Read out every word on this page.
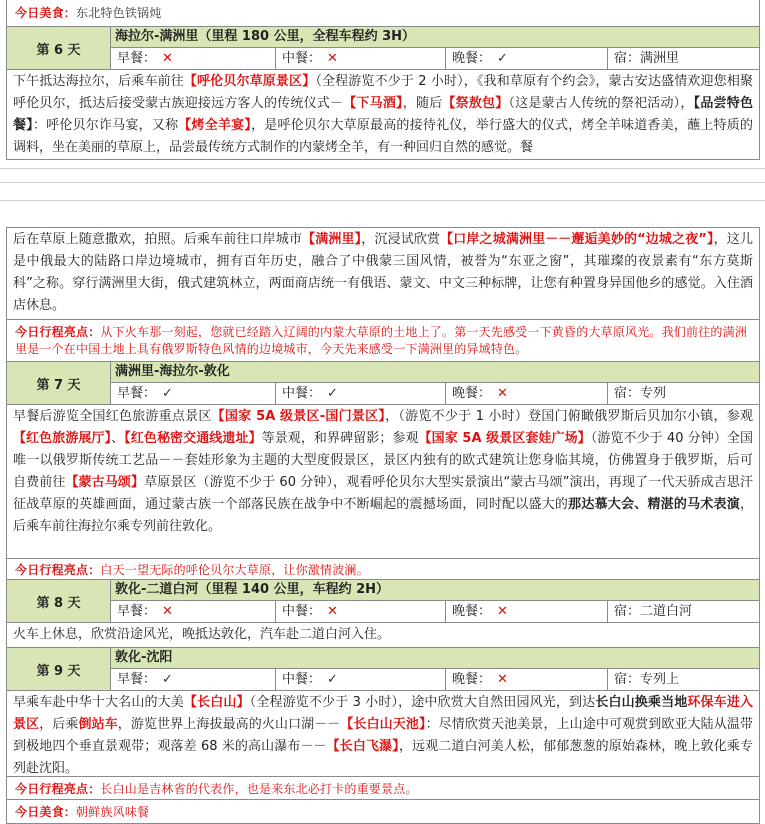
今日美食：东北特色铁锅炖
第 6 天
海拉尔-满洲里（里程 180 公里，全程车程约 3H）
早餐： ✕	中餐： ✕	晚餐： ✓	宿：满洲里
下午抵达海拉尔，后乘车前往【呼伦贝尔草原景区】（全程游览不少于 2 小时），《我和草原有个约会》，蒙古安达盛情欢迎您相聚呼伦贝尔，抵达后接受蒙古族迎接远方客人的传统仪式－【下马酒】，随后【祭敖包】（这是蒙古人传统的祭祀活动），【品尝特色餐】：呼伦贝尔诈马宴，又称【烤全羊宴】，是呼伦贝尔大草原最高的接待礼仪，举行盛大的仪式，烤全羊味道香美，蘸上特质的调料，坐在美丽的草原上，品尝最传统方式制作的内蒙烤全羊，有一种回归自然的感觉。餐
后在草原上随意撒欢，拍照。后乘车前往口岸城市【满洲里】，沉浸试欣赏【口岸之城满洲里－－邂逅美妙的“边城之夜”】，这儿是中俄最大的陆路口岸边境城市，拥有百年历史，融合了中俄蒙三国风情，被誉为“东亚之窗”，其璀璨的夜景素有“东方莫斯科”之称。穿行满洲里大街，俄式建筑林立，两面商店统一有俄语、蒙文、中文三种标牌，让您有种置身异国他乡的感觉。入住酒店休息。
今日行程亮点：从下火车那一刻起，您就已经踏入辽阔的内蒙大草原的土地上了。第一天先感受一下黄昏的大草原风光。我们前往的满洲里是一个在中国土地上具有俄罗斯特色风情的边境城市，今天先来感受一下满洲里的异域特色。
第 7 天
满洲里-海拉尔-敦化
早餐： ✓	中餐： ✓	晚餐： ✕	宿：专列
早餐后游览全国红色旅游重点景区【国家 5A 级景区-国门景区】，（游览不少于 1 小时）登国门俯瞰俄罗斯后贝加尔小镇，参观【红色旅游展厅】、【红色秘密交通线遗址】等景观，和界碑留影；参观【国家 5A 级景区套娃广场】（游览不少于 40 分钟）全国唯一以俄罗斯传统工艺品－－套娃形象为主题的大型度假景区，景区内独有的欧式建筑让您身临其境，仿佛置身于俄罗斯，后可自费前往【蒙古马颂】草原景区（游览不少于 60 分钟），观看呼伦贝尔大型实景演出“蒙古马颂”演出，再现了一代天骄成吉思汗征战草原的英雄画面，通过蒙古族一个部落民族在战争中不断崛起的震撼场面，同时配以盛大的那达慕大会、精湛的马术表演，后乘车前往海拉尔乘专列前往敦化。
今日行程亮点：白天一望无际的呼伦贝尔大草原，让你激情波澜。
第 8 天
敦化-二道白河（里程 140 公里，车程约 2H）
早餐： ✕	中餐： ✕	晚餐： ✕	宿：二道白河
火车上休息，欣赏沿途风光，晚抵达敦化，汽车赴二道白河入住。
第 9 天
敦化-沈阳
早餐： ✓	中餐： ✓	晚餐： ✕	宿：专列上
早乘车赴中华十大名山的大美【长白山】（全程游览不少于 3 小时），途中欣赏大自然田园风光，到达长白山换乘当地环保车进入景区，后乘倒站车，游览世界上海拔最高的火山口湖－－【长白山天池】：尽情欣赏天池美景，上山途中可观赏到欧亚大陆从温带到极地四个垂直景观带；观落差 68 米的高山瀑布－－【长白飞瀑】，远观二道白河美人松，郁郁葱葱的原始森林，晚上敦化乘专列赴沈阳。
今日行程亮点：长白山是吉林省的代表作，也是来东北必打卡的重要景点。
今日美食：朝鲜族风味餐
